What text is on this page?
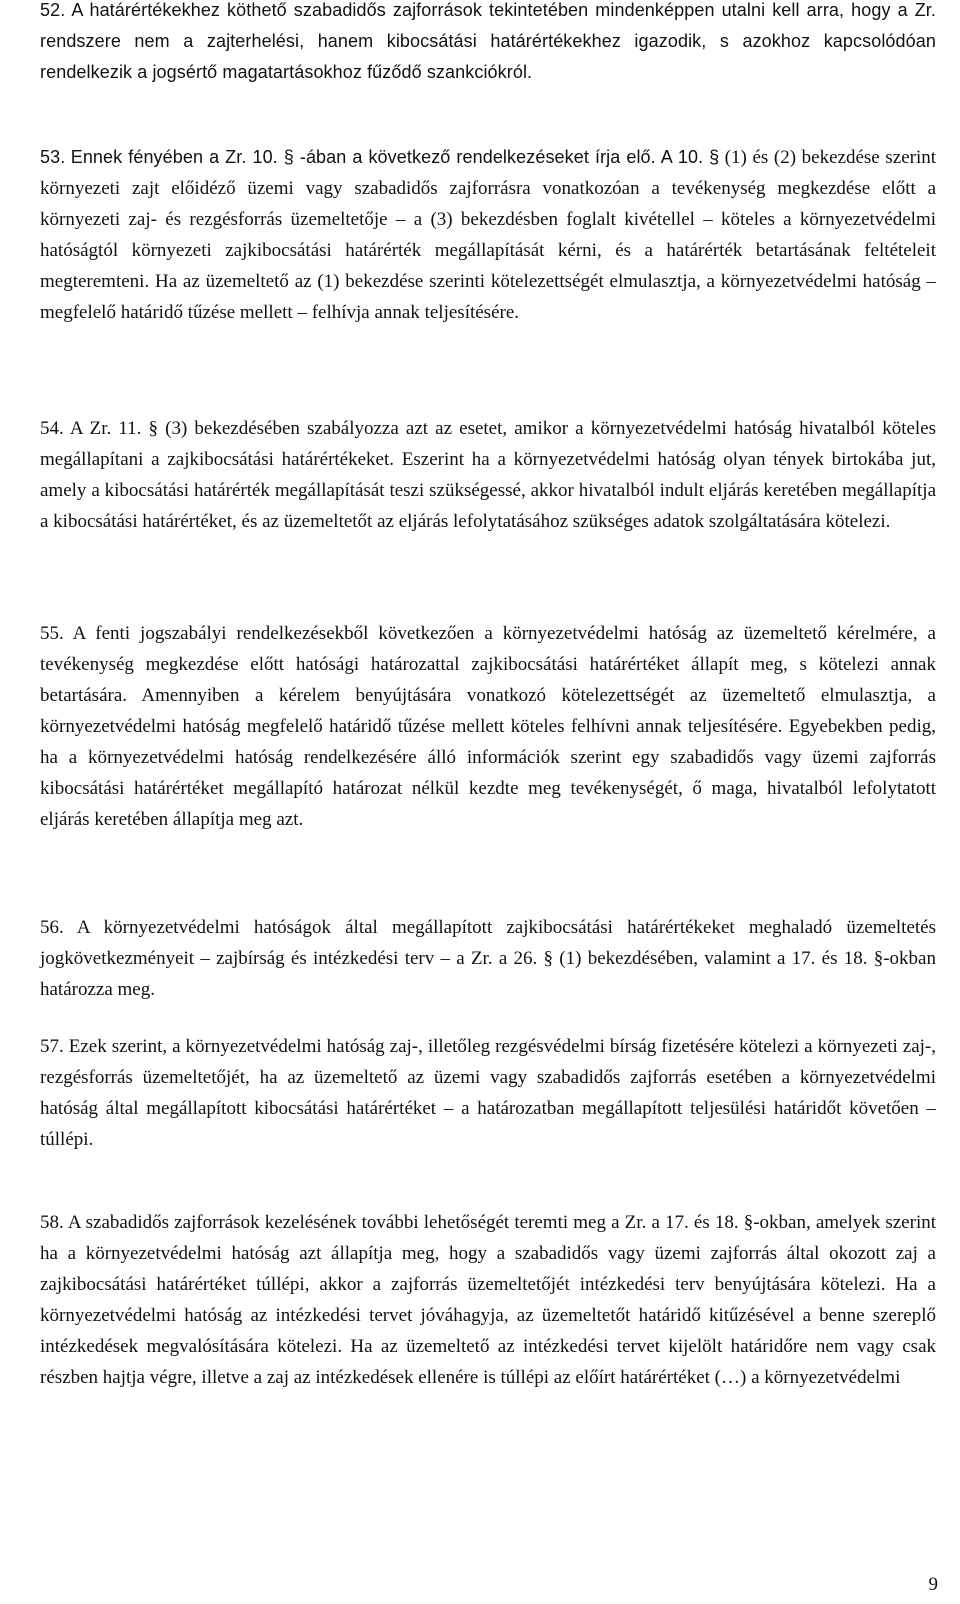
52. A határértékekhez köthető szabadidős zajforrások tekintetében mindenképpen utalni kell arra, hogy a Zr. rendszere nem a zajterhelési, hanem kibocsátási határértékekhez igazodik, s azokhoz kapcsolódóan rendelkezik a jogsértő magatartásokhoz fűződő szankciókról.

53. Ennek fényében a Zr. 10. § -ában a következő rendelkezéseket írja elő. A 10. § (1) és (2) bekezdése szerint környezeti zajt előidéző üzemi vagy szabadidős zajforrásra vonatkozóan a tevékenység megkezdése előtt a környezeti zaj- és rezgésforrás üzemeltetője – a (3) bekezdésben foglalt kivétellel – köteles a környezetvédelmi hatóságtól környezeti zajkibocsátási határérték megállapítását kérni, és a határérték betartásának feltételeit megteremteni. Ha az üzemeltető az (1) bekezdése szerinti kötelezettségét elmulasztja, a környezetvédelmi hatóság – megfelelő határidő tűzése mellett – felhívja annak teljesítésére.

54. A Zr. 11. § (3) bekezdésében szabályozza azt az esetet, amikor a környezetvédelmi hatóság hivatalból köteles megállapítani a zajkibocsátási határértékeket. Eszerint ha a környezetvédelmi hatóság olyan tények birtokába jut, amely a kibocsátási határérték megállapítását teszi szükségessé, akkor hivatalból indult eljárás keretében megállapítja a kibocsátási határértéket, és az üzemeltetőt az eljárás lefolytatásához szükséges adatok szolgáltatására kötelezi.

55. A fenti jogszabályi rendelkezésekből következően a környezetvédelmi hatóság az üzemeltető kérelmére, a tevékenység megkezdése előtt hatósági határozattal zajkibocsátási határértéket állapít meg, s kötelezi annak betartására. Amennyiben a kérelem benyújtására vonatkozó kötelezettségét az üzemeltető elmulasztja, a környezetvédelmi hatóság megfelelő határidő tűzése mellett köteles felhívni annak teljesítésére. Egyebekben pedig, ha a környezetvédelmi hatóság rendelkezésére álló információk szerint egy szabadidős vagy üzemi zajforrás kibocsátási határértéket megállapító határozat nélkül kezdte meg tevékenységét, ő maga, hivatalból lefolytatott eljárás keretében állapítja meg azt.

56. A környezetvédelmi hatóságok által megállapított zajkibocsátási határértékeket meghaladó üzemeltetés jogkövetkezményeit – zajbírság és intézkedési terv – a Zr. a 26. § (1) bekezdésében, valamint a 17. és 18. §-okban határozza meg.

57. Ezek szerint, a környezetvédelmi hatóság zaj-, illetőleg rezgésvédelmi bírság fizetésére kötelezi a környezeti zaj-, rezgésforrás üzemeltetőjét, ha az üzemeltető az üzemi vagy szabadidős zajforrás esetében a környezetvédelmi hatóság által megállapított kibocsátási határértéket – a határozatban megállapított teljesülési határidőt követően – túllépi.

58. A szabadidős zajforrások kezelésének további lehetőségét teremti meg a Zr. a 17. és 18. §-okban, amelyek szerint ha a környezetvédelmi hatóság azt állapítja meg, hogy a szabadidős vagy üzemi zajforrás által okozott zaj a zajkibocsátási határértéket túllépi, akkor a zajforrás üzemeltetőjét intézkedési terv benyújtására kötelezi. Ha a környezetvédelmi hatóság az intézkedési tervet jóváhagyja, az üzemeltetőt határidő kitűzésével a benne szereplő intézkedések megvalósítására kötelezi. Ha az üzemeltető az intézkedési tervet kijelölt határidőre nem vagy csak részben hajtja végre, illetve a zaj az intézkedések ellenére is túllépi az előírt határértéket (…) a környezetvédelmi

9
